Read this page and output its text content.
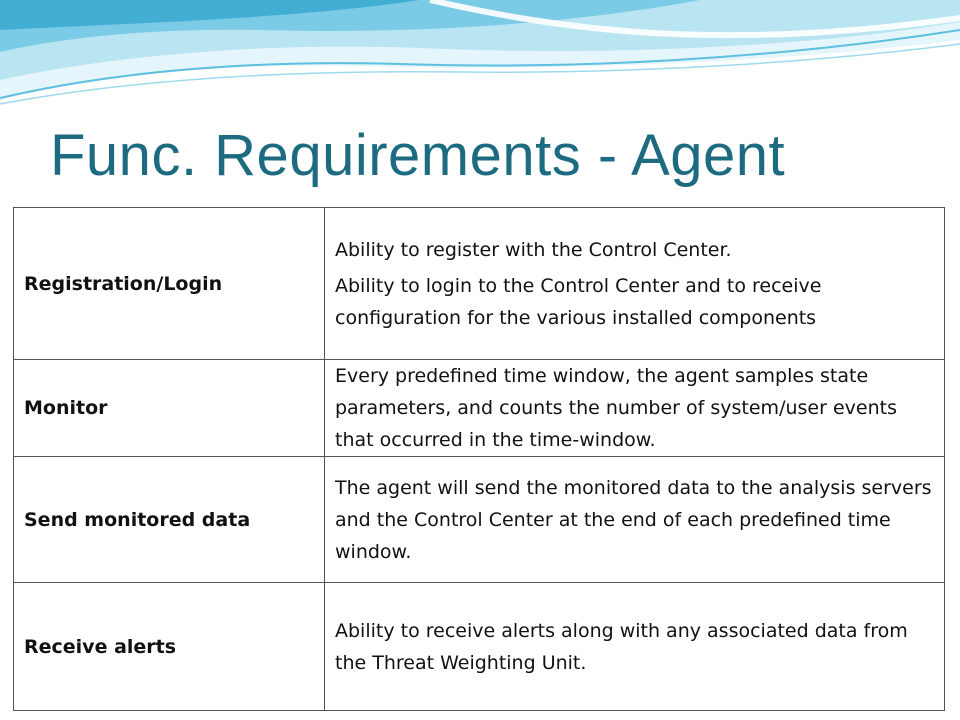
Func. Requirements - Agent
Registration/Login	Ability to register with the Control Center.

Ability to login to the Control Center and to receive configuration for the various installed components

Monitor	Every predefined time window, the agent samples state parameters, and counts the number of system/user events that occurred in the time-window.

Send monitored data	The agent will send the monitored data to the analysis servers and the Control Center at the end of each predefined time window.

Receive alerts	Ability to receive alerts along with any associated data from the Threat Weighting Unit.
